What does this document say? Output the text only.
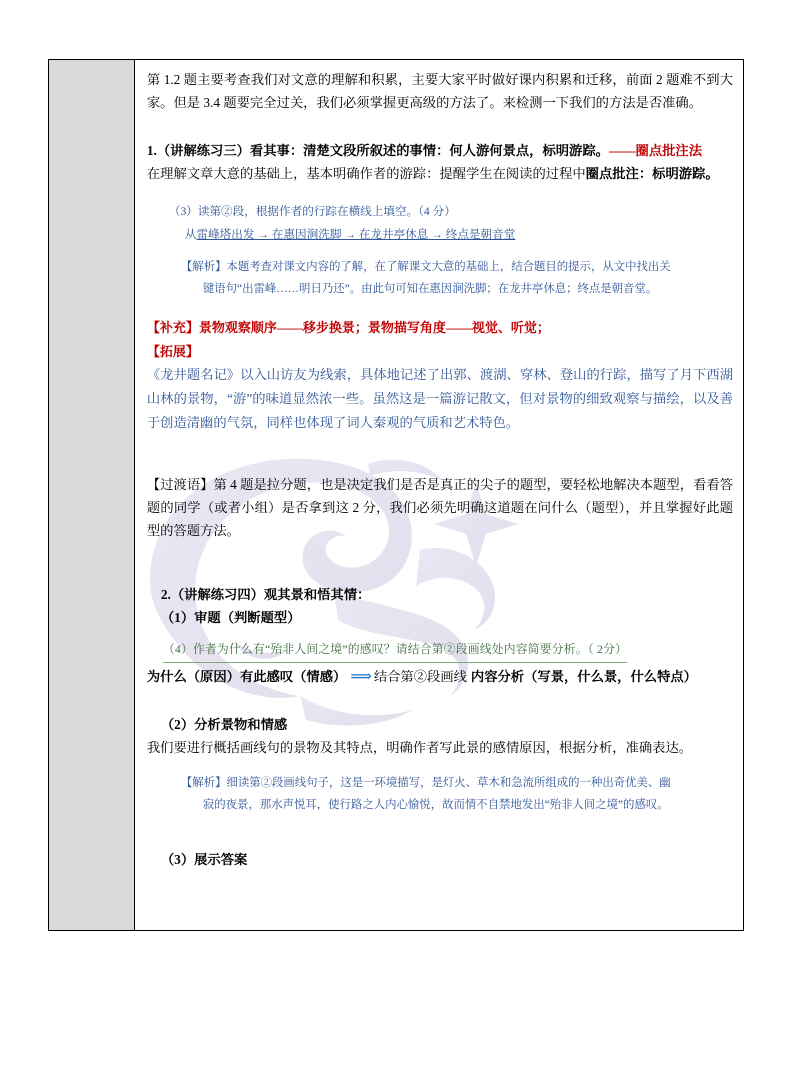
第 1.2 题主要考查我们对文意的理解和积累，主要大家平时做好课内积累和迁移，前面 2 题难不到大家。但是 3.4 题要完全过关，我们必须掌握更高级的方法了。来检测一下我们的方法是否准确。

1.（讲解练习三）看其事：清楚文段所叙述的事情：何人游何景点，标明游踪。——圈点批注法

在理解文章大意的基础上，基本明确作者的游踪：提醒学生在阅读的过程中圈点批注：标明游踪。

（3）读第②段，根据作者的行踪在横线上填空。（4 分）
从雷峰塔出发 → 在惠因涧洗脚 → 在龙井亭休息 → 终点是朝音堂
【解析】本题考查对课文内容的了解，在了解课文大意的基础上，结合题目的提示，从文中找出关
键语句“出雷峰……明日乃还”。由此句可知在惠因涧洗脚；在龙井亭休息；终点是朝音堂。

【补充】景物观察顺序——移步换景；景物描写角度——视觉、听觉；

【拓展】

《龙井题名记》以入山访友为线索，具体地记述了出郭、渡湖、穿林、登山的行踪，描写了月下西湖山林的景物，“游”的味道显然浓一些。虽然这是一篇游记散文，但对景物的细致观察与描绘，以及善于创造清幽的气氛，同样也体现了词人秦观的气质和艺术特色。

【过渡语】第 4 题是拉分题，也是决定我们是否是真正的尖子的题型，要轻松地解决本题型，看看答题的同学（或者小组）是否拿到这 2 分，我们必须先明确这道题在问什么（题型），并且掌握好此题型的答题方法。

2.（讲解练习四）观其景和悟其情：

（1）审题（判断题型）

（4）作者为什么有“殆非人间之境”的感叹？请结合第②段画线处内容简要分析。（ 2分）
为什么（原因）有此感叹（情感） ⟹ 结合第②段画线 内容分析（写景，什么景，什么特点）

（2）分析景物和情感

我们要进行概括画线句的景物及其特点，明确作者写此景的感情原因，根据分析，准确表达。

【解析】细读第②段画线句子，这是一环境描写，是灯火、草木和急流所组成的一种出奇优美、幽
寂的夜景，那水声悦耳，使行路之人内心愉悦，故而情不自禁地发出“殆非人间之境”的感叹。

（3）展示答案
